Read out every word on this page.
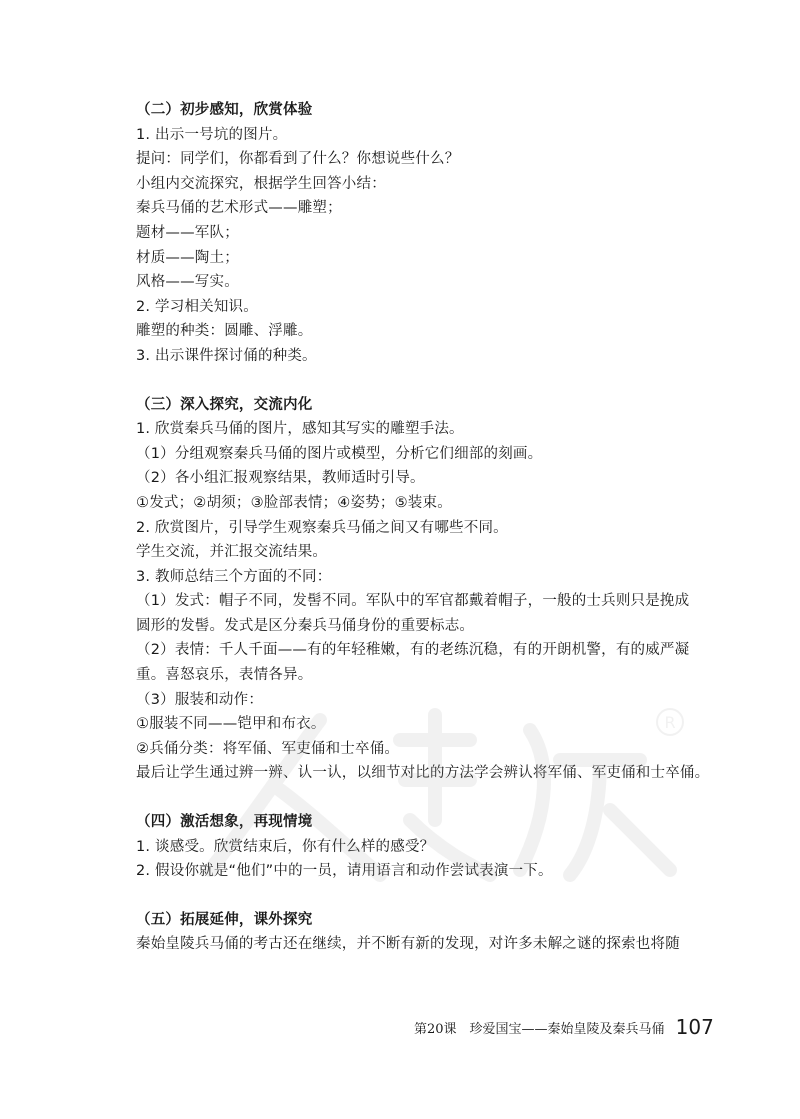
（二）初步感知，欣赏体验
1. 出示一号坑的图片。
提问：同学们，你都看到了什么？你想说些什么？
小组内交流探究，根据学生回答小结：
秦兵马俑的艺术形式——雕塑；
题材——军队；
材质——陶土；
风格——写实。
2. 学习相关知识。
雕塑的种类：圆雕、浮雕。
3. 出示课件探讨俑的种类。
（三）深入探究，交流内化
1. 欣赏秦兵马俑的图片，感知其写实的雕塑手法。
（1）分组观察秦兵马俑的图片或模型，分析它们细部的刻画。
（2）各小组汇报观察结果，教师适时引导。
①发式；②胡须；③脸部表情；④姿势；⑤装束。
2. 欣赏图片，引导学生观察秦兵马俑之间又有哪些不同。
学生交流，并汇报交流结果。
3. 教师总结三个方面的不同：
（1）发式：帽子不同，发髻不同。军队中的军官都戴着帽子，一般的士兵则只是挽成
圆形的发髻。发式是区分秦兵马俑身份的重要标志。
（2）表情：千人千面——有的年轻稚嫩，有的老练沉稳，有的开朗机警，有的威严凝
重。喜怒哀乐，表情各异。
（3）服装和动作：
①服装不同——铠甲和布衣。
②兵俑分类：将军俑、军吏俑和士卒俑。
最后让学生通过辨一辨、认一认，以细节对比的方法学会辨认将军俑、军吏俑和士卒俑。
（四）激活想象，再现情境
1. 谈感受。欣赏结束后，你有什么样的感受？
2. 假设你就是“他们”中的一员，请用语言和动作尝试表演一下。
（五）拓展延伸，课外探究
秦始皇陵兵马俑的考古还在继续，并不断有新的发现，对许多未解之谜的探索也将随
R
第20课　珍爱国宝——秦始皇陵及秦兵马俑 107
